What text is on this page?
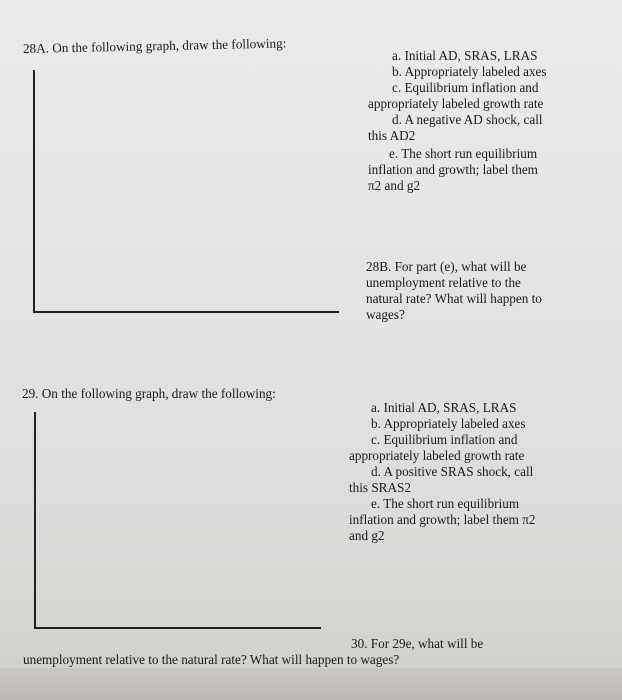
28A. On the following graph, draw the following:	a. Initial AD, SRAS, LRAS
b. Appropriately labeled axes
c. Equilibrium inflation and
appropriately labeled growth rate
d. A negative AD shock, call
this AD2
e. The short run equilibrium
inflation and growth; label them
π2 and g2
28B. For part (e), what will be
unemployment relative to the
natural rate? What will happen to
wages?
29. On the following graph, draw the following:
a. Initial AD, SRAS, LRAS
b. Appropriately labeled axes
c. Equilibrium inflation and
appropriately labeled growth rate
d. A positive SRAS shock, call
this SRAS2
e. The short run equilibrium
inflation and growth; label them π2
and g2
30. For 29e, what will be
unemployment relative to the natural rate? What will happen to wages?
